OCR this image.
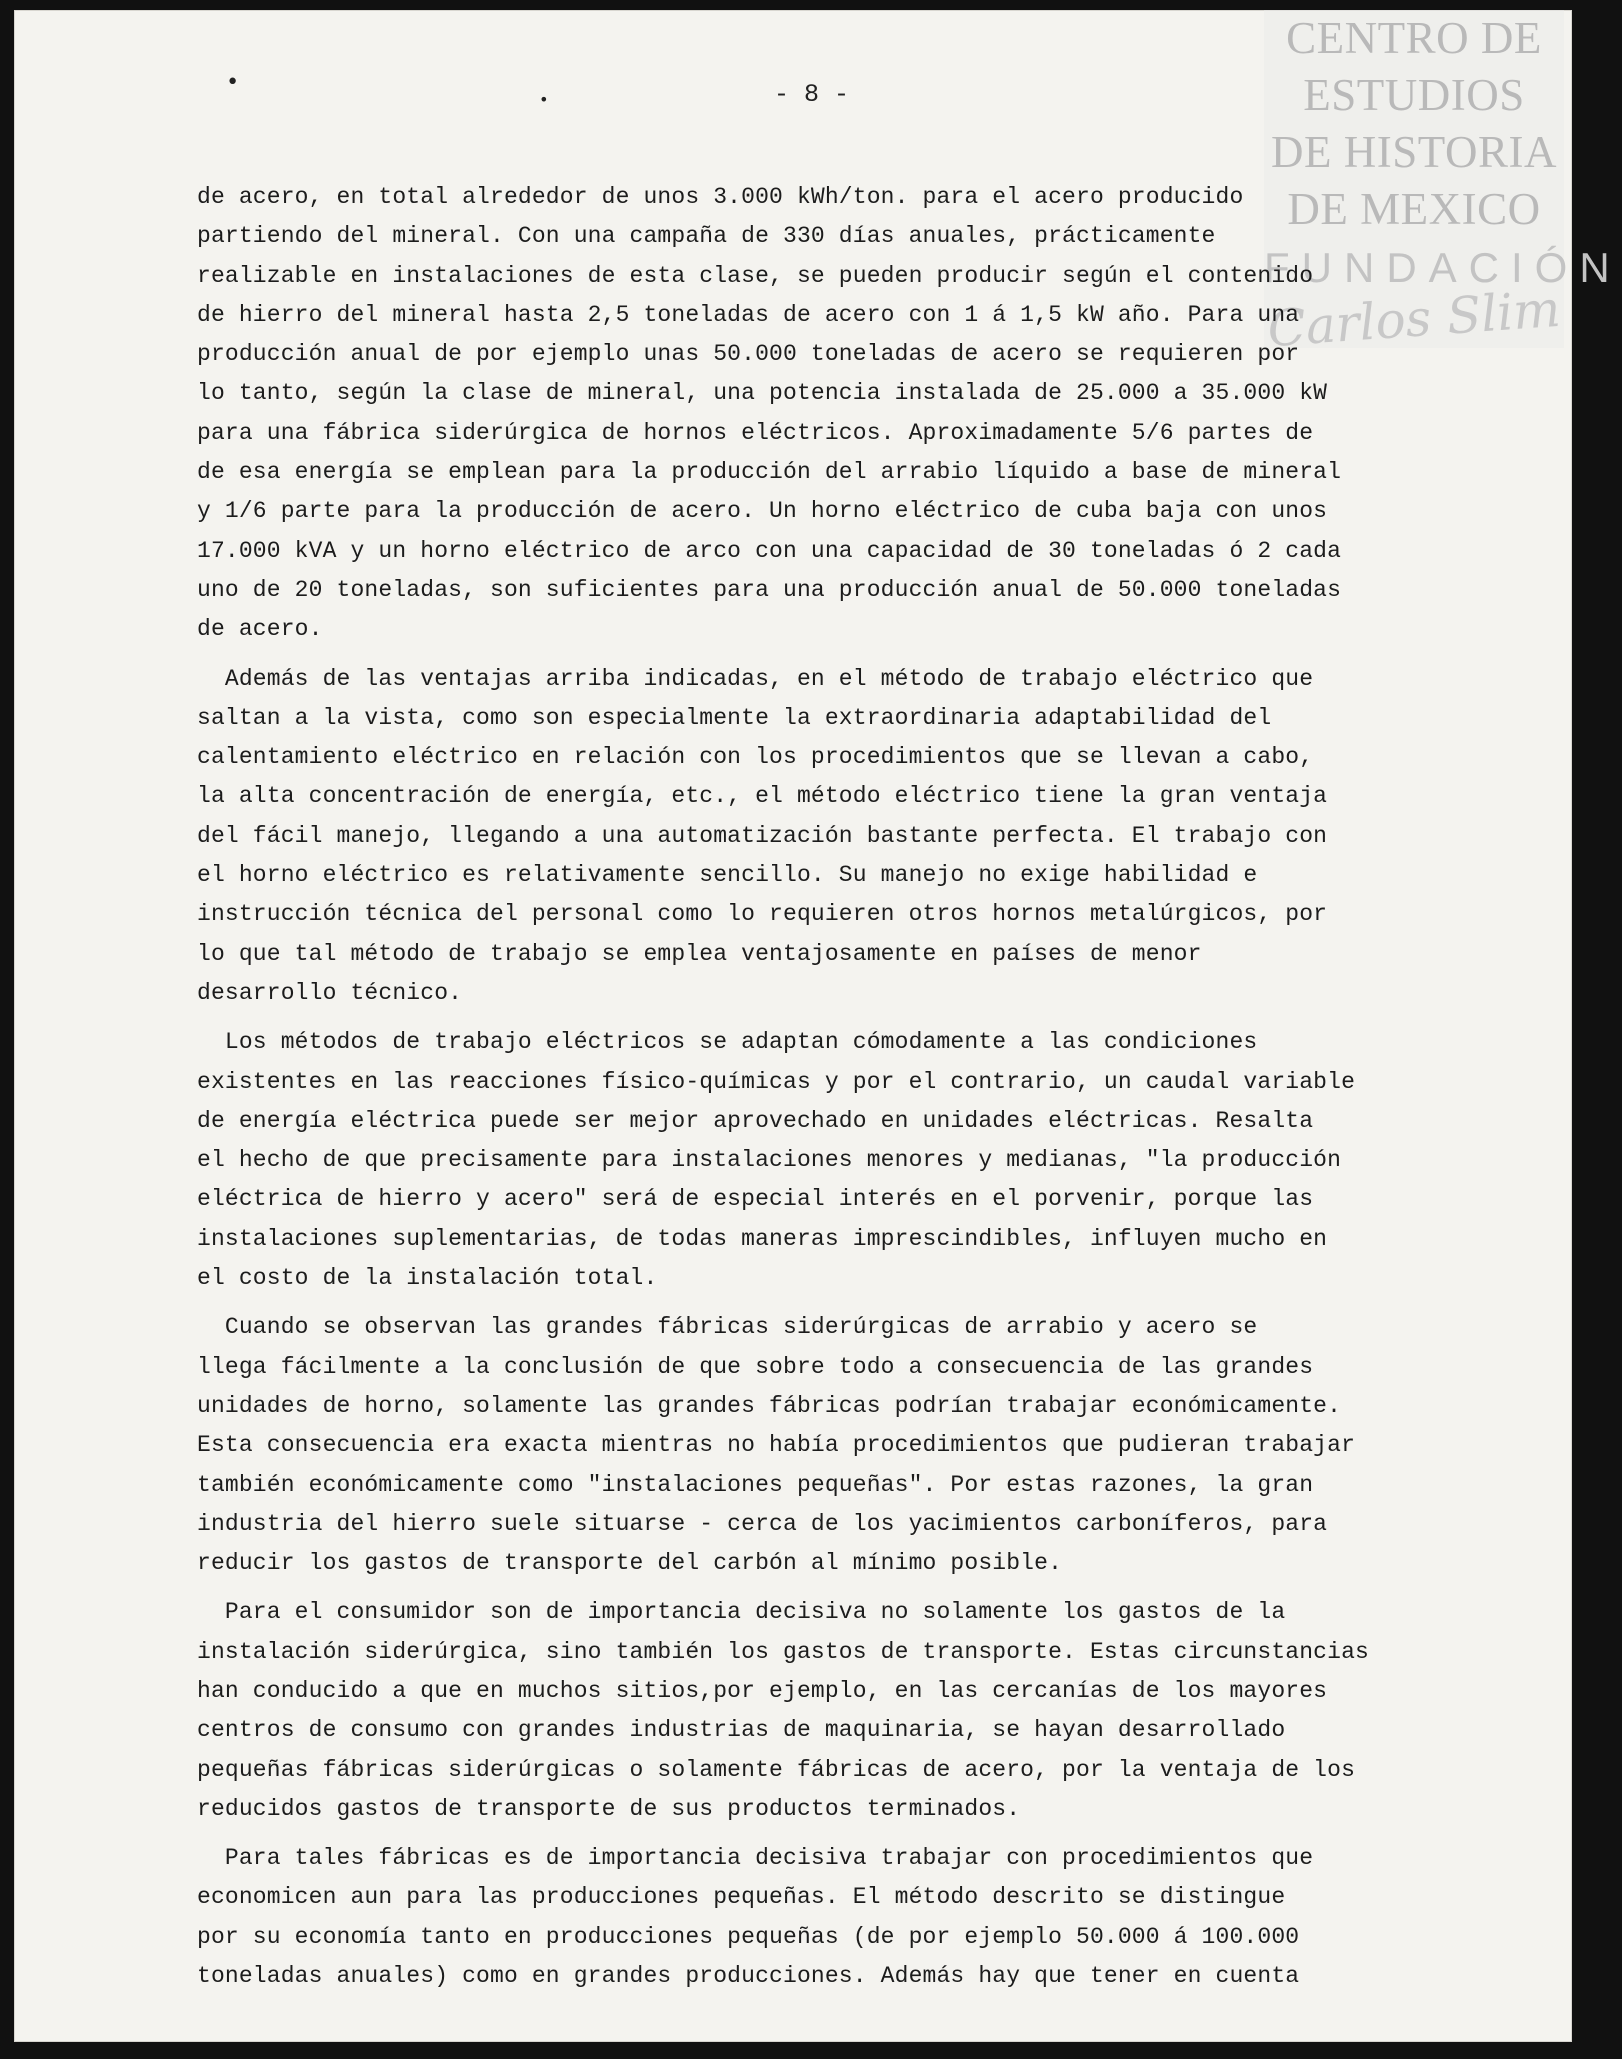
CENTRO DE
ESTUDIOS
DE HISTORIA
DE MEXICO
FUNDACIÓN
Carlos Slim
•
•	- 8 -
de acero, en total alrededor de unos 3.000 kWh/ton. para el acero producido
partiendo del mineral. Con una campaña de 330 días anuales, prácticamente
realizable en instalaciones de esta clase, se pueden producir según el contenido
de hierro del mineral hasta 2,5 toneladas de acero con 1 á 1,5 kW año. Para una
producción anual de por ejemplo unas 50.000 toneladas de acero se requieren por
lo tanto, según la clase de mineral, una potencia instalada de 25.000 a 35.000 kW
para una fábrica siderúrgica de hornos eléctricos. Aproximadamente 5/6 partes de
de esa energía se emplean para la producción del arrabio líquido a base de mineral
y 1/6 parte para la producción de acero. Un horno eléctrico de cuba baja con unos
17.000 kVA y un horno eléctrico de arco con una capacidad de 30 toneladas ó 2 cada
uno de 20 toneladas, son suficientes para una producción anual de 50.000 toneladas
de acero.
Además de las ventajas arriba indicadas, en el método de trabajo eléctrico que
saltan a la vista, como son especialmente la extraordinaria adaptabilidad del
calentamiento eléctrico en relación con los procedimientos que se llevan a cabo,
la alta concentración de energía, etc., el método eléctrico tiene la gran ventaja
del fácil manejo, llegando a una automatización bastante perfecta. El trabajo con
el horno eléctrico es relativamente sencillo. Su manejo no exige habilidad e
instrucción técnica del personal como lo requieren otros hornos metalúrgicos, por
lo que tal método de trabajo se emplea ventajosamente en países de menor
desarrollo técnico.
Los métodos de trabajo eléctricos se adaptan cómodamente a las condiciones
existentes en las reacciones físico-químicas y por el contrario, un caudal variable
de energía eléctrica puede ser mejor aprovechado en unidades eléctricas. Resalta
el hecho de que precisamente para instalaciones menores y medianas, "la producción
eléctrica de hierro y acero" será de especial interés en el porvenir, porque las
instalaciones suplementarias, de todas maneras imprescindibles, influyen mucho en
el costo de la instalación total.
Cuando se observan las grandes fábricas siderúrgicas de arrabio y acero se
llega fácilmente a la conclusión de que sobre todo a consecuencia de las grandes
unidades de horno, solamente las grandes fábricas podrían trabajar económicamente.
Esta consecuencia era exacta mientras no había procedimientos que pudieran trabajar
también económicamente como "instalaciones pequeñas". Por estas razones, la gran
industria del hierro suele situarse - cerca de los yacimientos carboníferos, para
reducir los gastos de transporte del carbón al mínimo posible.
Para el consumidor son de importancia decisiva no solamente los gastos de la
instalación siderúrgica, sino también los gastos de transporte. Estas circunstancias
han conducido a que en muchos sitios,por ejemplo, en las cercanías de los mayores
centros de consumo con grandes industrias de maquinaria, se hayan desarrollado
pequeñas fábricas siderúrgicas o solamente fábricas de acero, por la ventaja de los
reducidos gastos de transporte de sus productos terminados.
Para tales fábricas es de importancia decisiva trabajar con procedimientos que
economicen aun para las producciones pequeñas. El método descrito se distingue
por su economía tanto en producciones pequeñas (de por ejemplo 50.000 á 100.000
toneladas anuales) como en grandes producciones. Además hay que tener en cuenta
